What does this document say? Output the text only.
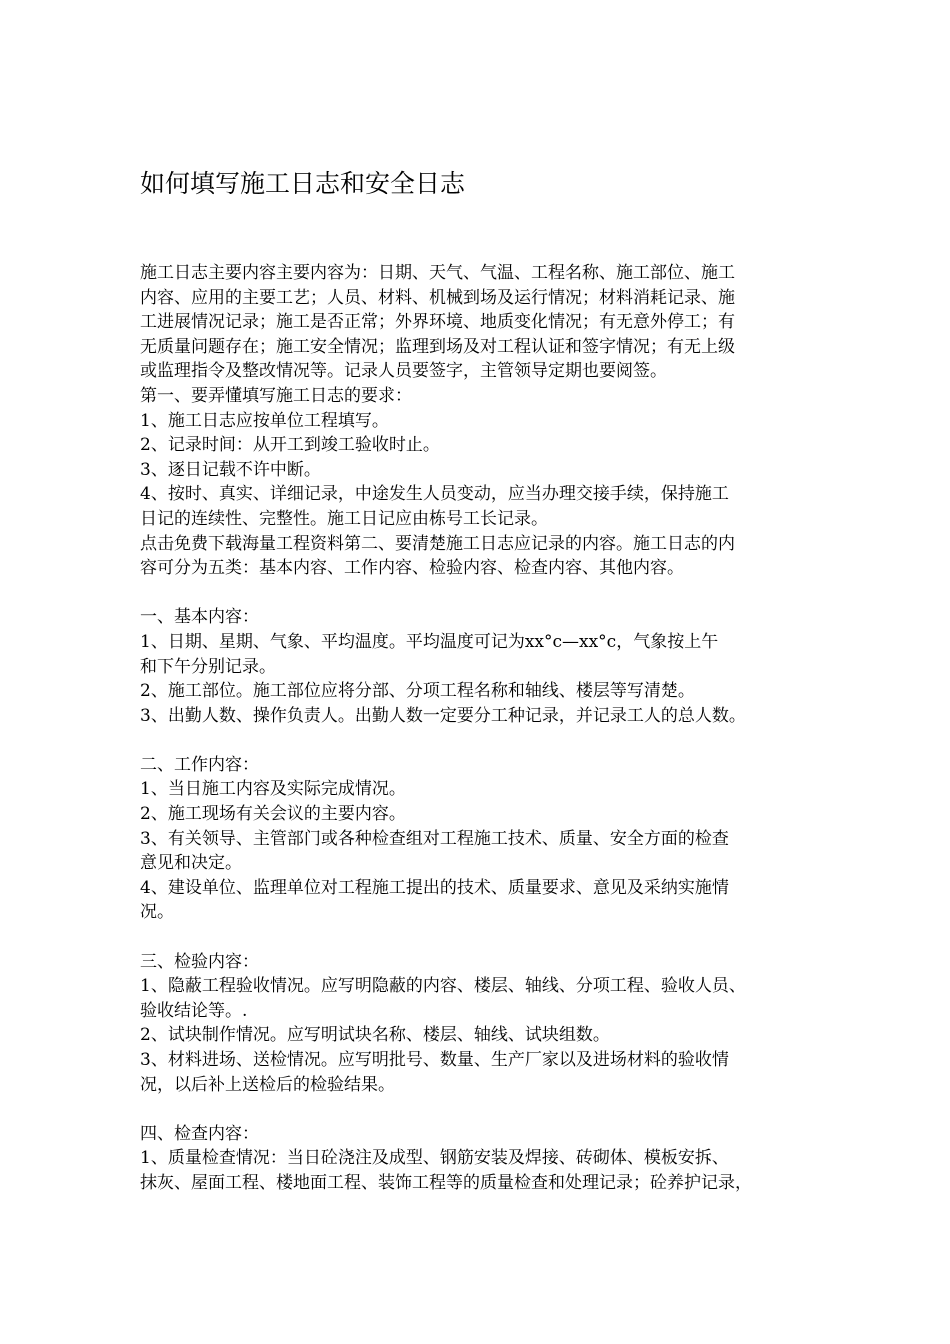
如何填写施工日志和安全日志
施工日志主要内容主要内容为：日期、天气、气温、工程名称、施工部位、施工
内容、应用的主要工艺；人员、材料、机械到场及运行情况；材料消耗记录、施
工进展情况记录；施工是否正常；外界环境、地质变化情况；有无意外停工；有
无质量问题存在；施工安全情况；监理到场及对工程认证和签字情况；有无上级
或监理指令及整改情况等。记录人员要签字，主管领导定期也要阅签。
第一、要弄懂填写施工日志的要求：
1、施工日志应按单位工程填写。
2、记录时间：从开工到竣工验收时止。
3、逐日记载不许中断。
4、按时、真实、详细记录，中途发生人员变动，应当办理交接手续，保持施工
日记的连续性、完整性。施工日记应由栋号工长记录。
点击免费下载海量工程资料第二、要清楚施工日志应记录的内容。施工日志的内
容可分为五类：基本内容、工作内容、检验内容、检查内容、其他内容。
一、基本内容：
1、日期、星期、气象、平均温度。平均温度可记为xx°c—xx°c，气象按上午
和下午分别记录。
2、施工部位。施工部位应将分部、分项工程名称和轴线、楼层等写清楚。
3、出勤人数、操作负责人。出勤人数一定要分工种记录，并记录工人的总人数。
二、工作内容：
1、当日施工内容及实际完成情况。
2、施工现场有关会议的主要内容。
3、有关领导、主管部门或各种检查组对工程施工技术、质量、安全方面的检查
意见和决定。
4、建设单位、监理单位对工程施工提出的技术、质量要求、意见及采纳实施情
况。
三、检验内容：
1、隐蔽工程验收情况。应写明隐蔽的内容、楼层、轴线、分项工程、验收人员、
验收结论等。.
2、试块制作情况。应写明试块名称、楼层、轴线、试块组数。
3、材料进场、送检情况。应写明批号、数量、生产厂家以及进场材料的验收情
况，以后补上送检后的检验结果。
四、检查内容：
1、质量检查情况：当日砼浇注及成型、钢筋安装及焊接、砖砌体、模板安拆、
抹灰、屋面工程、楼地面工程、装饰工程等的质量检查和处理记录；砼养护记录，
